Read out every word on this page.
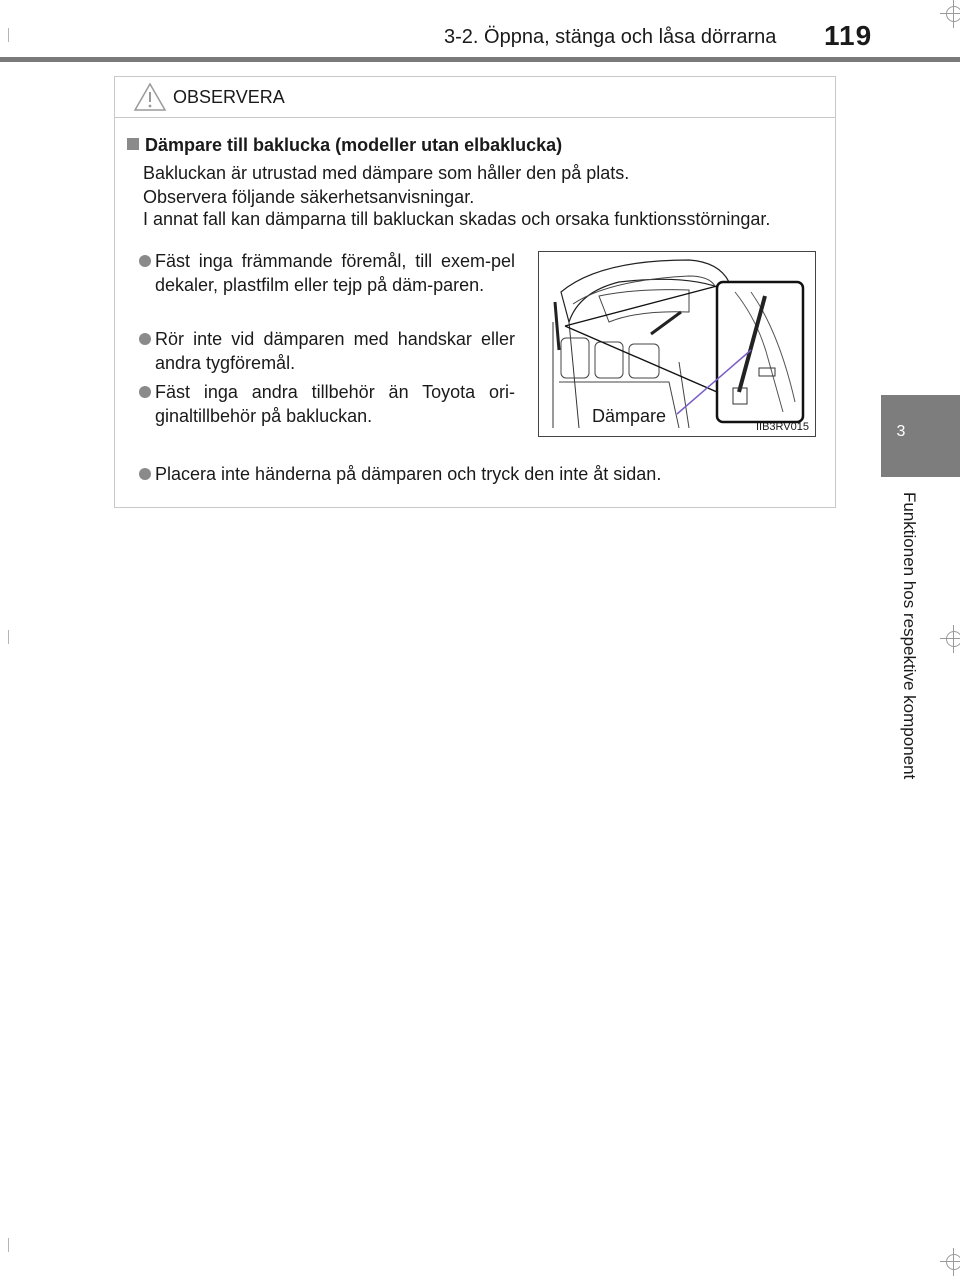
3-2. Öppna, stänga och låsa dörrarna 119
3
Funktionen hos respektive komponent
OBSERVERA
Dämpare till baklucka (modeller utan elbaklucka)
Bakluckan är utrustad med dämpare som håller den på plats.
Observera följande säkerhetsanvisningar.
I annat fall kan dämparna till bakluckan skadas och orsaka funktionsstörningar.
Fäst inga främmande föremål, till exem-pel dekaler, plastfilm eller tejp på däm-paren.
Rör inte vid dämparen med handskar eller andra tygföremål.
Fäst inga andra tillbehör än Toyota ori-ginaltillbehör på bakluckan.	Dämpare
IIB3RV015
Placera inte händerna på dämparen och tryck den inte åt sidan.
